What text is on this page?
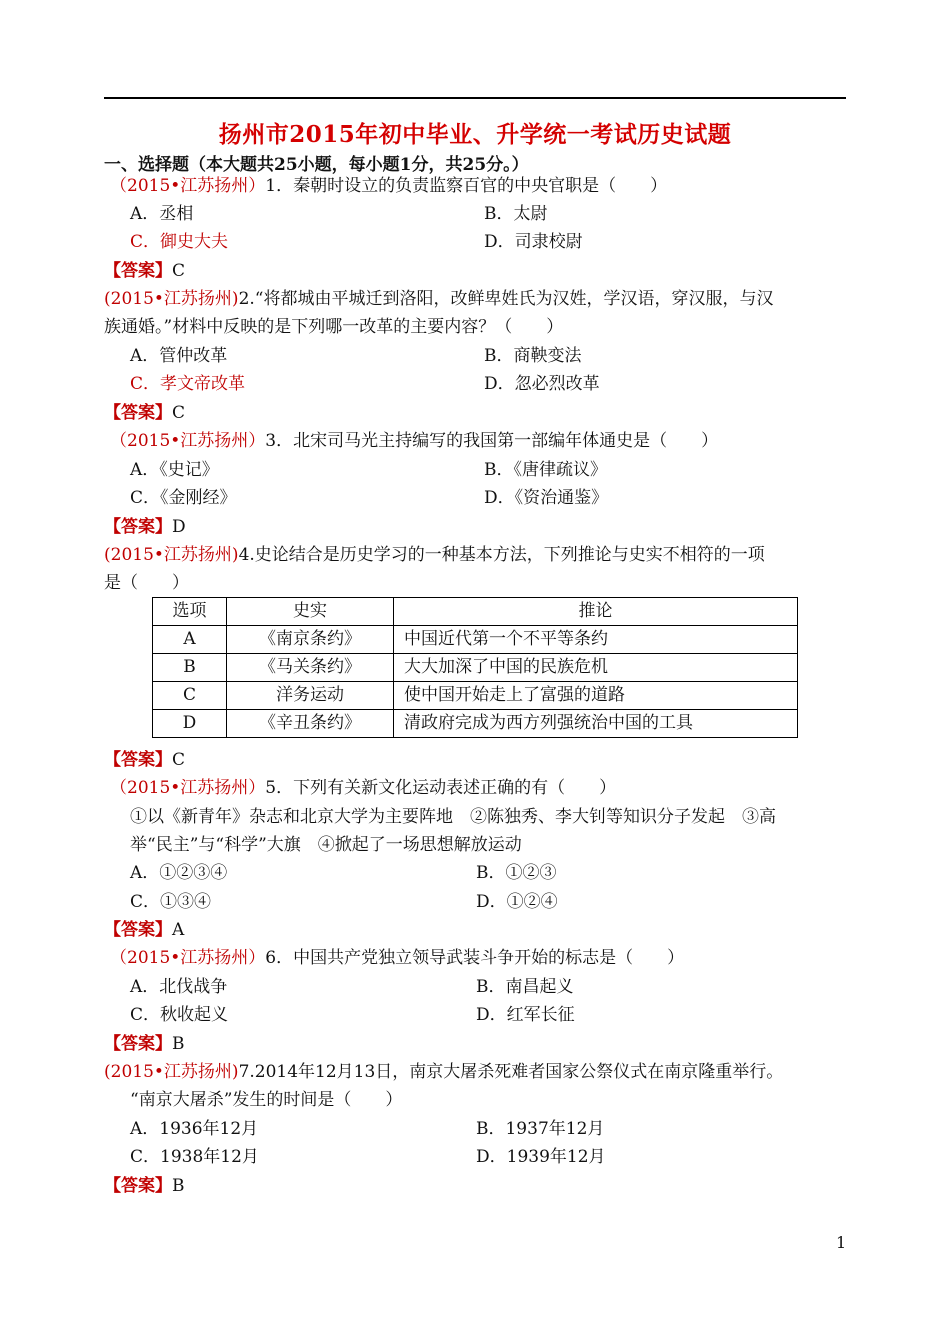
扬州市2015年初中毕业、升学统一考试历史试题
一、选择题（本大题共25小题，每小题1分，共25分。）
（2015•江苏扬州）1．秦朝时设立的负责监察百官的中央官职是（　　）
A．丞相	B．太尉
C．御史大夫	D．司隶校尉
【答案】C
(2015•江苏扬州)2.“将都城由平城迁到洛阳，改鲜卑姓氏为汉姓，学汉语，穿汉服，与汉
族通婚。”材料中反映的是下列哪一改革的主要内容？（　　）
A．管仲改革	B．商鞅变法
C．孝文帝改革	D．忽必烈改革
【答案】C
（2015•江苏扬州）3．北宋司马光主持编写的我国第一部编年体通史是（　　）
A．《史记》	B．《唐律疏议》
C．《金刚经》	D．《资治通鉴》
【答案】D
(2015•江苏扬州)4.史论结合是历史学习的一种基本方法，下列推论与史实不相符的一项
是（　　）
选项	史实	推论
A	《南京条约》	中国近代第一个不平等条约
B	《马关条约》	大大加深了中国的民族危机
C	洋务运动	使中国开始走上了富强的道路
D	《辛丑条约》	清政府完成为西方列强统治中国的工具
【答案】C
（2015•江苏扬州）5．下列有关新文化运动表述正确的有（　　）
①以《新青年》杂志和北京大学为主要阵地　②陈独秀、李大钊等知识分子发起　③高
举“民主”与“科学”大旗　④掀起了一场思想解放运动
A．①②③④	B．①②③
C．①③④	D．①②④
【答案】A
（2015•江苏扬州）6．中国共产党独立领导武装斗争开始的标志是（　　）
A．北伐战争	B．南昌起义
C．秋收起义	D．红军长征
【答案】B
(2015•江苏扬州)7.2014年12月13日，南京大屠杀死难者国家公祭仪式在南京隆重举行。
“南京大屠杀”发生的时间是（　　）
A．1936年12月	B．1937年12月
C．1938年12月	D．1939年12月
【答案】B
1
